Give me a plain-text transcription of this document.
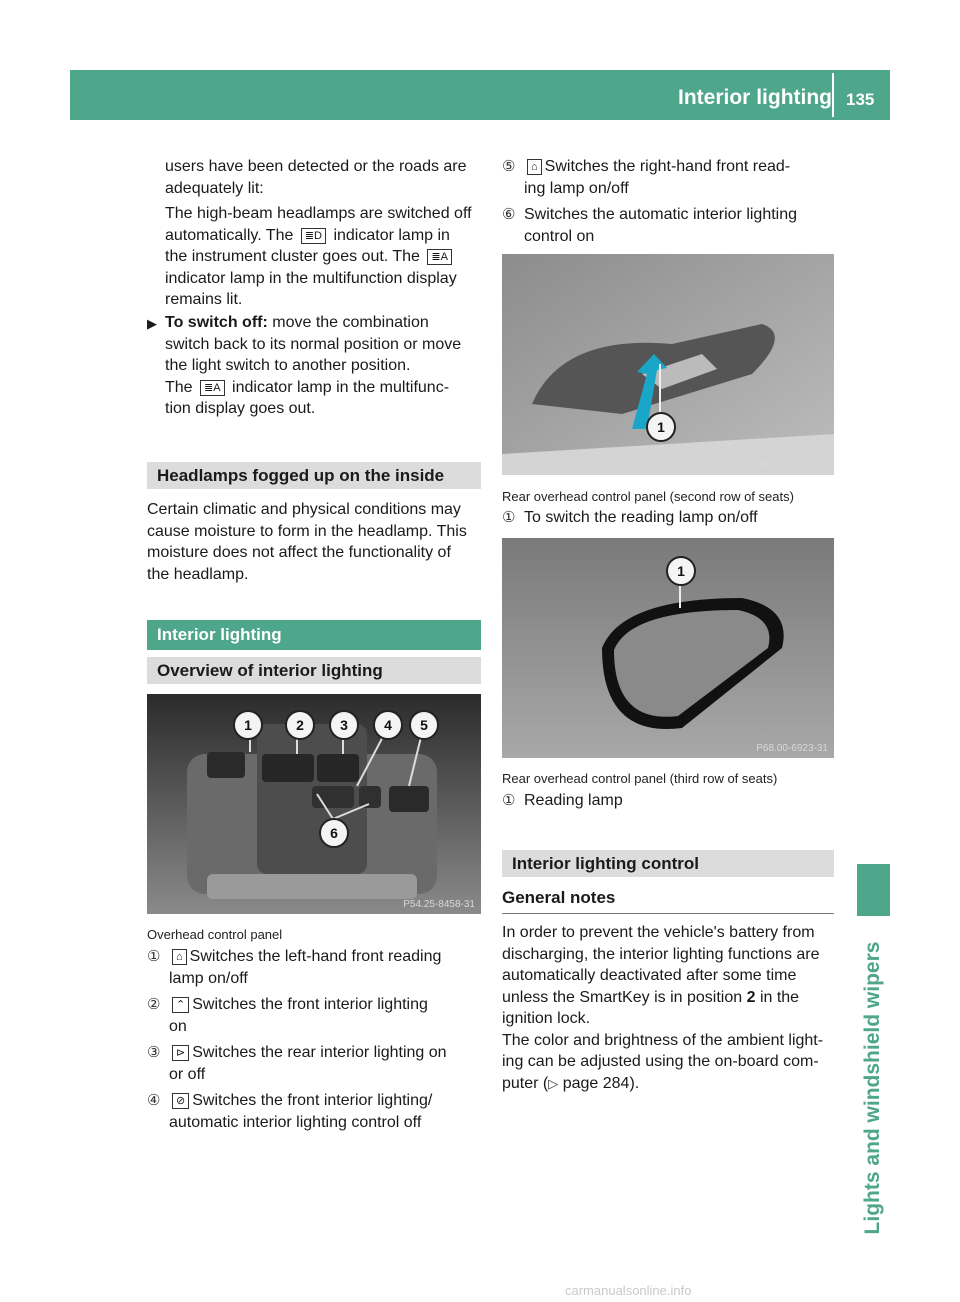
Interior lighting 135
Lights and windshield wipers
users have been detected or the roads are
adequately lit:
The high-beam headlamps are switched off
automatically. The ≣D indicator lamp in
the instrument cluster goes out. The ≣A
indicator lamp in the multifunction display
remains lit.
▶ To switch off: move the combination
switch back to its normal position or move
the light switch to another position.
The ≣A indicator lamp in the multifunc-
tion display goes out.
Headlamps fogged up on the inside
Certain climatic and physical conditions may
cause moisture to form in the headlamp. This
moisture does not affect the functionality of
the headlamp.
Interior lighting
Overview of interior lighting
1	2	3	4	5
6
P54.25-8458-31
Overhead control panel
①	⌂ Switches the left-hand front reading
lamp on/off
②	⌃ Switches the front interior lighting
on
③	⊳ Switches the rear interior lighting on
or off
④	⊘ Switches the front interior lighting/
automatic interior lighting control off
⑤	⌂ Switches the right-hand front read-
ing lamp on/off
⑥ Switches the automatic interior lighting
control on
1
P82.10-5737-31
Rear overhead control panel (second row of seats)
① To switch the reading lamp on/off
1
P68.00-6923-31
Rear overhead control panel (third row of seats)
① Reading lamp
Interior lighting control
General notes
In order to prevent the vehicle's battery from
discharging, the interior lighting functions are
automatically deactivated after some time
unless the SmartKey is in position 2 in the
ignition lock.
The color and brightness of the ambient light-
ing can be adjusted using the on-board com-
puter (▷ page 284).
carmanualsonline.info
